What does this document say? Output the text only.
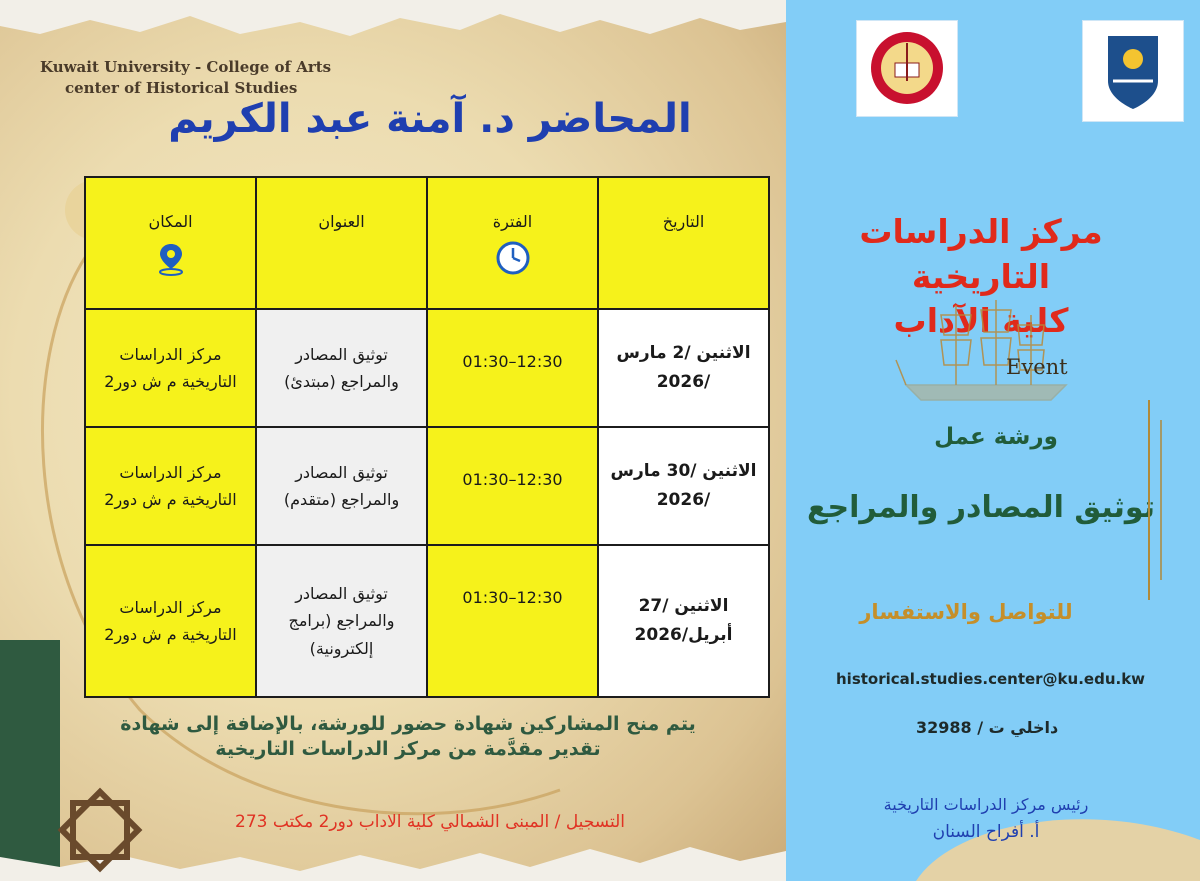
Kuwait University - College of Arts
center of Historical Studies
المحاضر د. آمنة عبد الكريم
التاريخ	الفترة	العنوان	المكان

الاثنين /2 مارس /2026	12:30–01:30	توثيق المصادر والمراجع (مبتدئ)	مركز الدراسات التاريخية م ش دور2
الاثنين /30 مارس /2026	12:30–01:30	توثيق المصادر والمراجع (متقدم)	مركز الدراسات التاريخية م ش دور2
الاثنين /27 أبريل/2026	12:30–01:30	توثيق المصادر والمراجع (برامج إلكترونية)	مركز الدراسات التاريخية م ش دور2
يتم منح المشاركين شهادة حضور للورشة، بالإضافة إلى شهادة
تقدير مقدَّمة من مركز الدراسات التاريخية
التسجيل / المبنى الشمالي كلية الاداب دور2 مكتب 273
مركز الدراسات التاريخية
كلية الآداب
Event
ورشة عمل
توثيق المصادر والمراجع
للتواصل والاستفسار
historical.studies.center@ku.edu.kw
داخلي ت / 32988
رئيس مركز الدراسات التاريخية
أ. أفراح السنان
